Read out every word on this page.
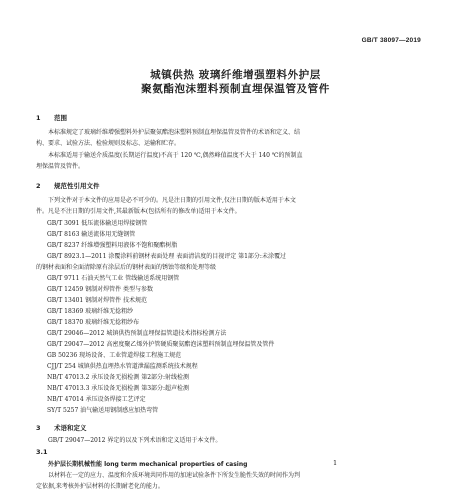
GB/T 38097—2019
城镇供热 玻璃纤维增强塑料外护层
聚氨酯泡沫塑料预制直埋保温管及管件
1 范围
本标准规定了玻璃纤维增强塑料外护层聚氨酯泡沫塑料预制直埋保温管及管件的术语和定义、结
构、要求、试验方法、检验规则及标志、运输和贮存。
本标准适用于输送介质温度(长期运行温度)不高于 120 ℃,偶然峰值温度不大于 140 ℃的预制直
埋保温管及管件。
2 规范性引用文件
下列文件对于本文件的应用是必不可少的。凡是注日期的引用文件,仅注日期的版本适用于本文
件。凡是不注日期的引用文件,其最新版本(包括所有的修改单)适用于本文件。
GB/T 3091 低压流体输送用焊接钢管
GB/T 8163 输送流体用无缝钢管
GB/T 8237 纤维增强塑料用液体不饱和聚酯树脂
GB/T 8923.1—2011 涂覆涂料前钢材表面处理 表面清洁度的目视评定 第1部分:未涂覆过
的钢材表面和全面清除原有涂层后的钢材表面的锈蚀等级和处理等级
GB/T 9711 石油天然气工业 管线输送系统用钢管
GB/T 12459 钢制对焊管件 类型与参数
GB/T 13401 钢制对焊管件 技术规范
GB/T 18369 玻璃纤维无捻粗纱
GB/T 18370 玻璃纤维无捻粗纱布
GB/T 29046—2012 城镇供热预制直埋保温管道技术指标检测方法
GB/T 29047—2012 高密度聚乙烯外护管硬质聚氨酯泡沫塑料预制直埋保温管及管件
GB 50236 现场设备、工业管道焊接工程施工规范
CJJ/T 254 城镇供热直埋热水管道泄漏监测系统技术规程
NB/T 47013.2 承压设备无损检测 第2部分:射线检测
NB/T 47013.3 承压设备无损检测 第3部分:超声检测
NB/T 47014 承压设备焊接工艺评定
SY/T 5257 油气输送用钢制感应加热弯管
3 术语和定义
GB/T 29047—2012 界定的以及下列术语和定义适用于本文件。
3.1
外护层长期机械性能 long term mechanical properties of casing
以材料在一定的应力、温度和介质环境共同作用的加速试验条件下所发生脆性失效的时间作为判
定依据,来考核外护层材料的长期耐老化的能力。
1
